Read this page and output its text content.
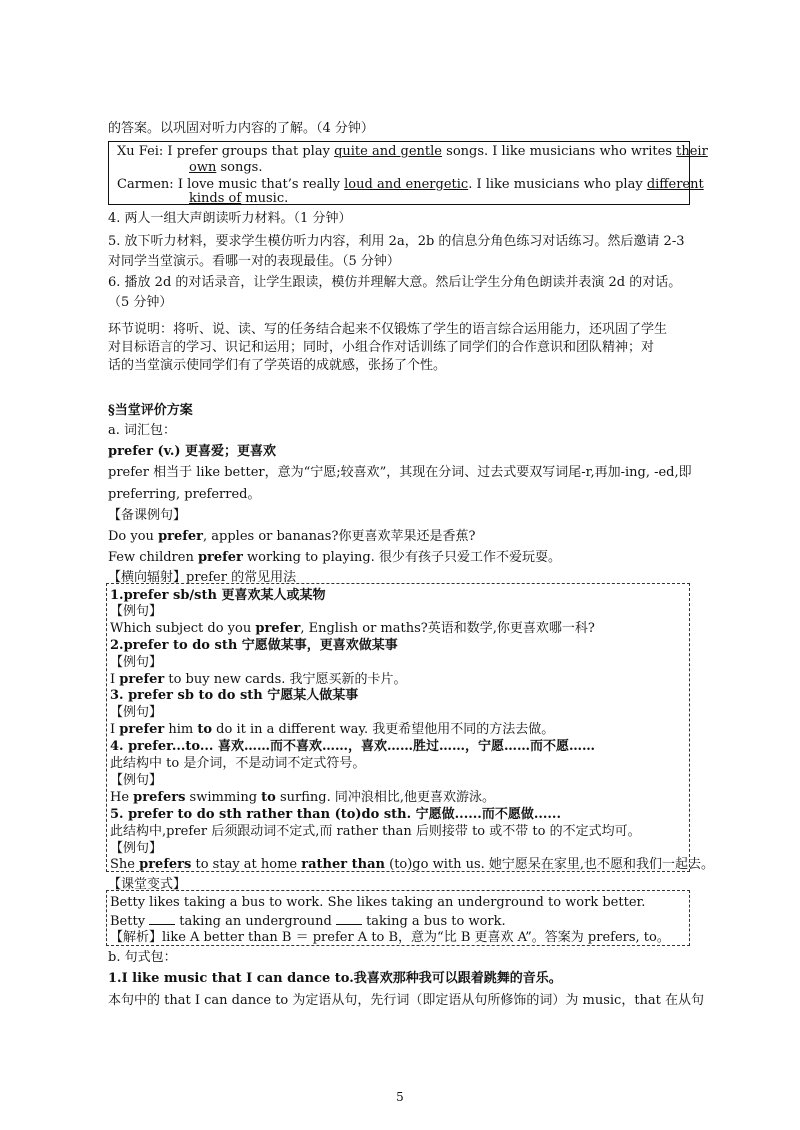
的答案。以巩固对听力内容的了解。（4 分钟）
Xu Fei: I prefer groups that play quite and gentle songs. I like musicians who writes their
own songs.
Carmen: I love music that’s really loud and energetic. I like musicians who play different
kinds of music.
4. 两人一组大声朗读听力材料。（1 分钟）
5. 放下听力材料，要求学生模仿听力内容，利用 2a，2b 的信息分角色练习对话练习。然后邀请 2-3
对同学当堂演示。看哪一对的表现最佳。（5 分钟）
6. 播放 2d 的对话录音，让学生跟读，模仿并理解大意。然后让学生分角色朗读并表演 2d 的对话。
（5 分钟）
环节说明：将听、说、读、写的任务结合起来不仅锻炼了学生的语言综合运用能力，还巩固了学生
对目标语言的学习、识记和运用；同时，小组合作对话训练了同学们的合作意识和团队精神；对
话的当堂演示使同学们有了学英语的成就感，张扬了个性。
§当堂评价方案
a. 词汇包：
prefer (v.) 更喜爱；更喜欢
prefer 相当于 like better，意为“宁愿;较喜欢”，其现在分词、过去式要双写词尾-r,再加-ing, -ed,即
preferring, preferred。
【备课例句】
Do you prefer, apples or bananas?你更喜欢苹果还是香蕉?
Few children prefer working to playing. 很少有孩子只爱工作不爱玩耍。
【横向辐射】prefer 的常见用法
1.prefer sb/sth 更喜欢某人或某物
【例句】
Which subject do you prefer, English or maths?英语和数学,你更喜欢哪一科?
2.prefer to do sth 宁愿做某事，更喜欢做某事
【例句】
I prefer to buy new cards. 我宁愿买新的卡片。
3. prefer sb to do sth 宁愿某人做某事
【例句】
I prefer him to do it in a different way. 我更希望他用不同的方法去做。
4. prefer...to... 喜欢……而不喜欢……，喜欢……胜过……，宁愿……而不愿……
此结构中 to 是介词，不是动词不定式符号。
【例句】
He prefers swimming to surfing. 同冲浪相比,他更喜欢游泳。
5. prefer to do sth rather than (to)do sth. 宁愿做......而不愿做......
此结构中,prefer 后须跟动词不定式,而 rather than 后则接带 to 或不带 to 的不定式均可。
【例句】
She prefers to stay at home rather than (to)go with us. 她宁愿呆在家里,也不愿和我们一起去。
【课堂变式】
Betty likes taking a bus to work. She likes taking an underground to work better.
Betty  taking an underground  taking a bus to work.
【解析】like A better than B ＝ prefer A to B，意为“比 B 更喜欢 A”。答案为 prefers, to。
b. 句式包：
1.I like music that I can dance to.我喜欢那种我可以跟着跳舞的音乐。
本句中的 that I can dance to 为定语从句，先行词（即定语从句所修饰的词）为 music，that 在从句
5
